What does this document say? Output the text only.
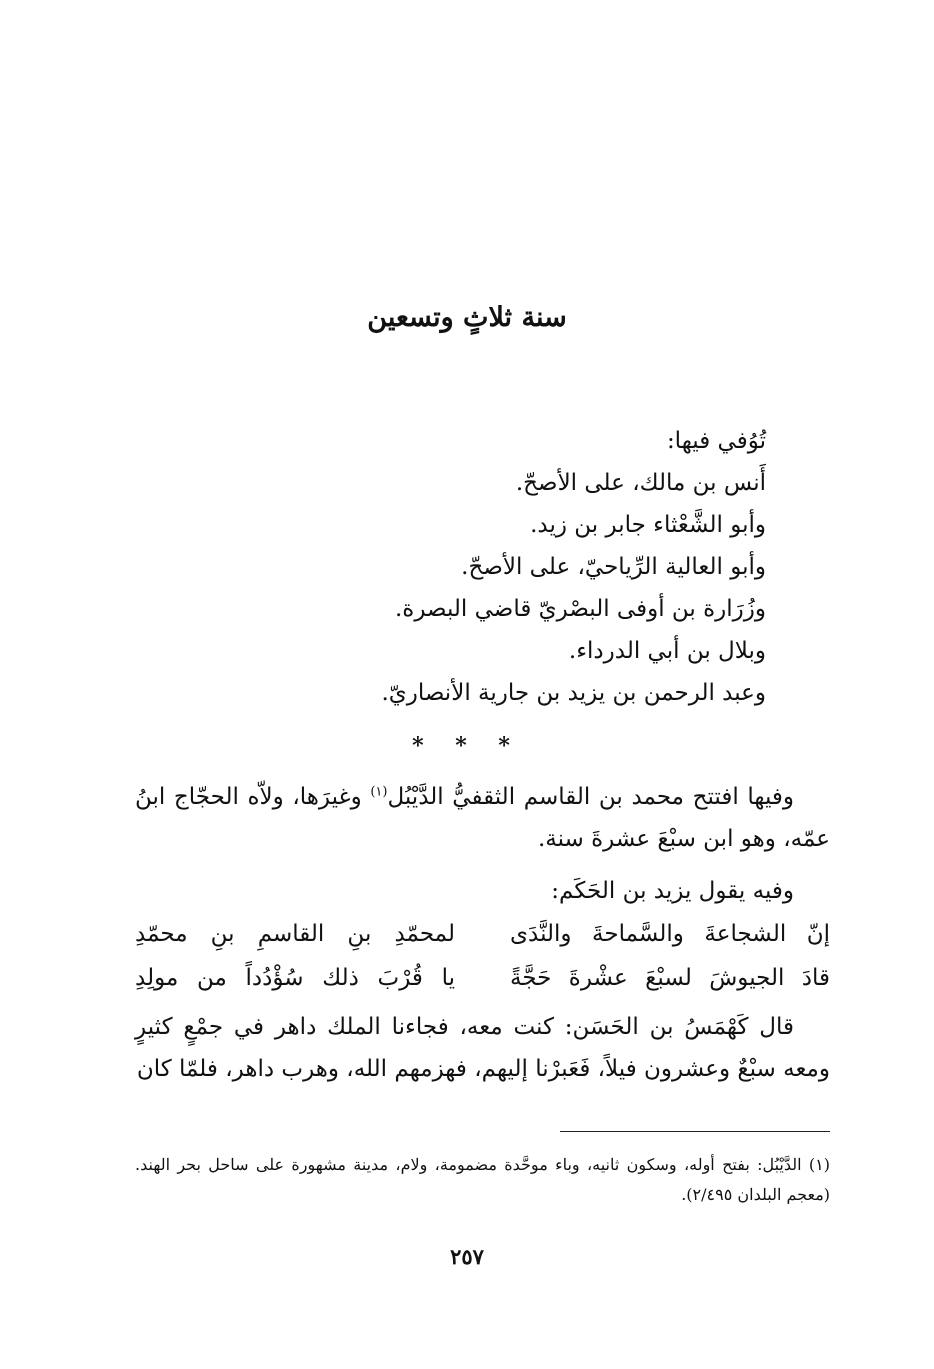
سنة ثلاثٍ وتسعين
تُوُفي فيها:
أَنس بن مالك، على الأصحّ.
وأبو الشَّعْثاء جابر بن زيد.
وأبو العالية الرِّياحيّ، على الأصحّ.
وزُرَارة بن أوفى البصْريّ قاضي البصرة.
وبلال بن أبي الدرداء.
وعبد الرحمن بن يزيد بن جارية الأنصاريّ.
* * *
وفيها افتتح محمد بن القاسم الثقفيُّ الدَّيْبُل$^{(١)}$ وغيرَها، ولاّه الحجّاج ابنُ عمّه، وهو ابن سبْعَ عشرةَ سنة.
وفيه يقول يزيد بن الحَكَم:
إنّ الشجاعةَ والسَّماحةَ والنَّدَى
لمحمّدِ بنِ القاسمِ بنِ محمّدِ
قادَ الجيوشَ لسبْعَ عشْرةَ حَجَّةً
يا قُرْبَ ذلك سُؤْدُداً من مولِدِ
قال كَهْمَسُ بن الحَسَن: كنت معه، فجاءنا الملك داهر في جمْعٍ كثيرٍ ومعه سبْعٌ وعشرون فيلاً، فَعَبرْنا إليهم، فهزمهم الله، وهرب داهر، فلمّا كان
(١) الدَّيْبُل: بفتح أوله، وسكون ثانيه، وباء موحَّدة مضمومة، ولام، مدينة مشهورة على ساحل بحر الهند. (معجم البلدان ٢/٤٩٥).
٢٥٧
